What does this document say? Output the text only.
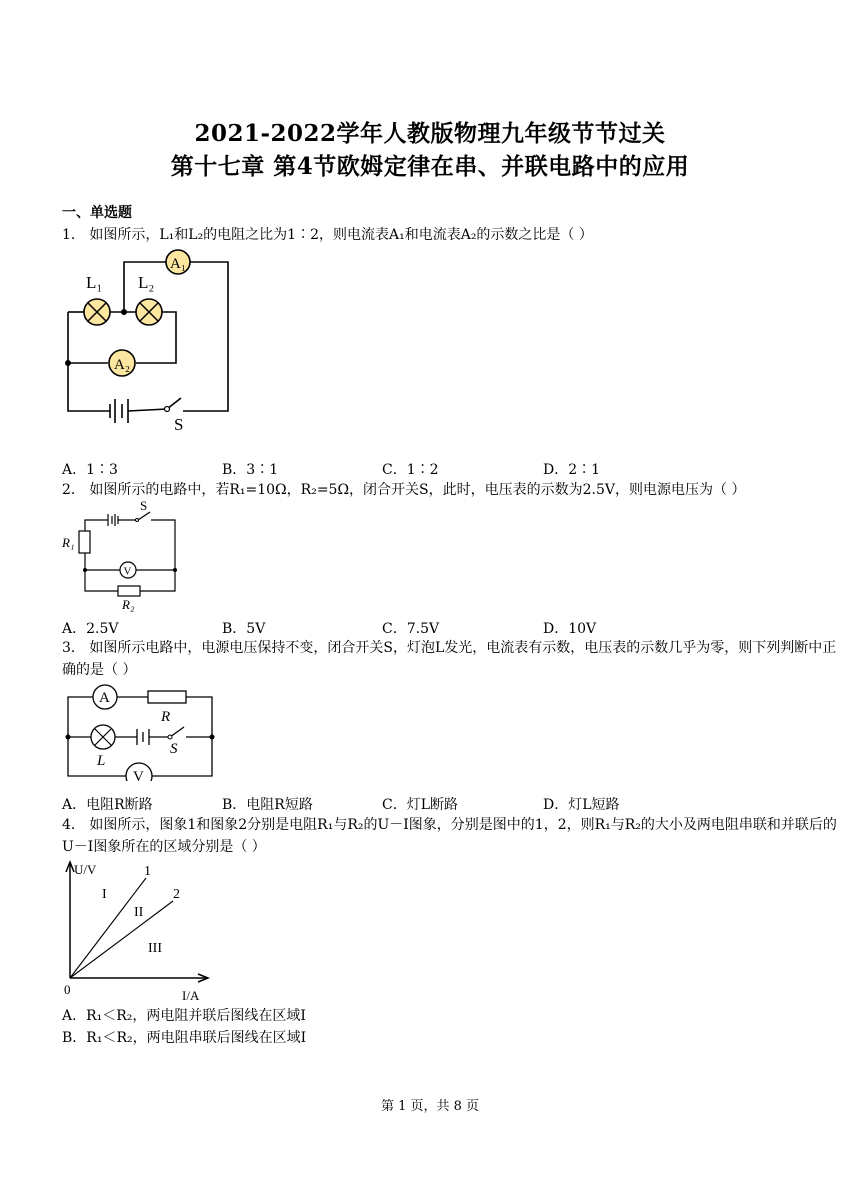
2021-2022学年人教版物理九年级节节过关
第十七章 第4节欧姆定律在串、并联电路中的应用
一、单选题
1． 如图所示，L₁和L₂的电阻之比为1∶2，则电流表A₁和电流表A₂的示数之比是（ ）
L₁ L₂
A₁
A₂
S
A．1∶3	B．3∶1	C．1∶2	D．2∶1
2． 如图所示的电路中，若R₁=10Ω，R₂=5Ω，闭合开关S，此时，电压表的示数为2.5V，则电源电压为（ ）
S
R₁
R₂
V
A．2.5V	B．5V	C．7.5V	D．10V
3． 如图所示电路中，电源电压保持不变，闭合开关S，灯泡L发光，电流表有示数，电压表的示数几乎为零，则下列判断中正确的是（ ）
A
R
L
S
V
A．电阻R断路	B．电阻R短路	C．灯L断路	D．灯L短路
4． 如图所示，图象1和图象2分别是电阻R₁与R₂的U－I图象，分别是图中的1，2，则R₁与R₂的大小及两电阻串联和并联后的U－I图象所在的区域分别是（ ）
U/V
I/A
0
1
2
I
II
III
A．R₁＜R₂，两电阻并联后图线在区域I
B．R₁＜R₂，两电阻串联后图线在区域I
第 1 页，共 8 页
